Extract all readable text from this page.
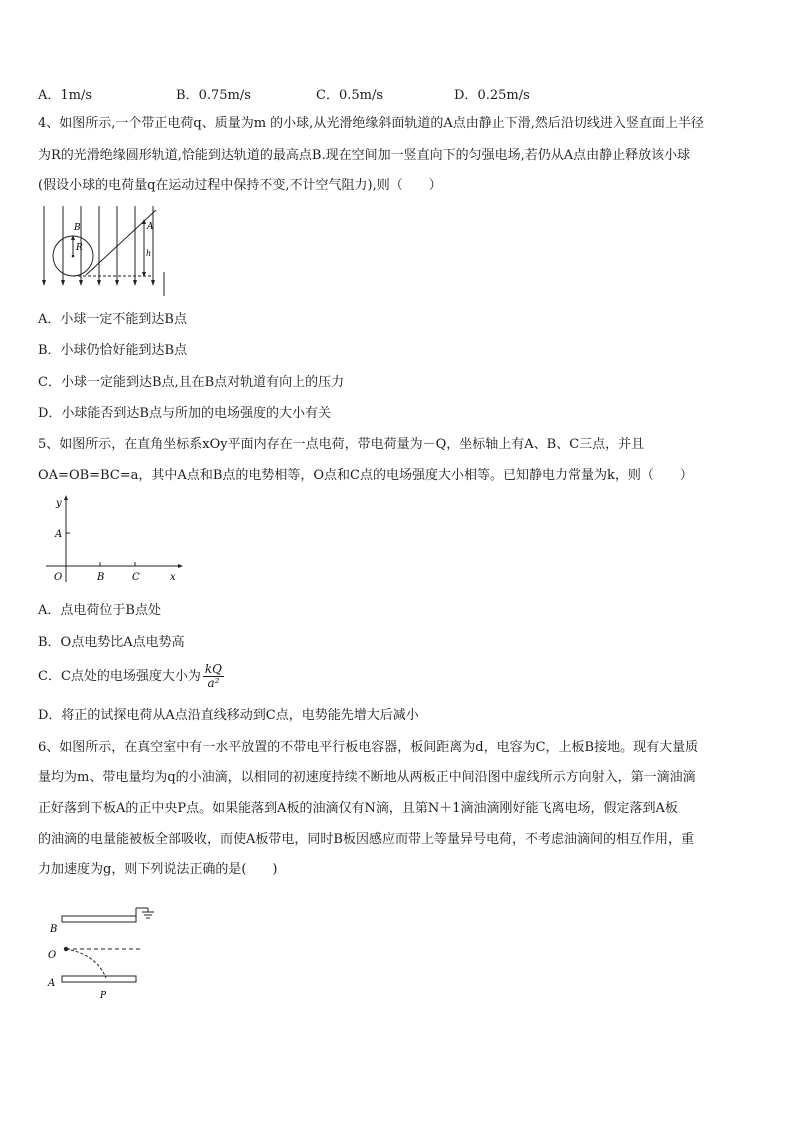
A．1m/s	B．0.75m/s	C．0.5m/s	D．0.25m/s
4、如图所示,一个带正电荷q、质量为m 的小球,从光滑绝缘斜面轨道的A点由静止下滑,然后沿切线进入竖直面上半径
为R的光滑绝缘圆形轨道,恰能到达轨道的最高点B.现在空间加一竖直向下的匀强电场,若仍从A点由静止释放该小球
(假设小球的电荷量q在运动过程中保持不变,不计空气阻力),则（　　）
B
R
A
h
A．小球一定不能到达B点
B．小球仍恰好能到达B点
C．小球一定能到达B点,且在B点对轨道有向上的压力
D．小球能否到达B点与所加的电场强度的大小有关
5、如图所示，在直角坐标系xOy平面内存在一点电荷，带电荷量为－Q，坐标轴上有A、B、C三点，并且
OA=OB=BC=a，其中A点和B点的电势相等，O点和C点的电场强度大小相等。已知静电力常量为k，则（　　）
y
A
O	B	C	x
A．点电荷位于B点处
B．O点电势比A点电势高
C．C点处的电场强度大小为 $\frac{kQ}{\text{a²}}$
D．将正的试探电荷从A点沿直线移动到C点，电势能先增大后减小
6、如图所示，在真空室中有一水平放置的不带电平行板电容器，板间距离为d，电容为C，上板B接地。现有大量质
量均为m、带电量均为q的小油滴，以相同的初速度持续不断地从两板正中间沿图中虚线所示方向射入，第一滴油滴
正好落到下板A的正中央P点。如果能落到A板的油滴仅有N滴，且第N＋1滴油滴刚好能飞离电场，假定落到A板
的油滴的电量能被板全部吸收，而使A板带电，同时B板因感应而带上等量异号电荷，不考虑油滴间的相互作用，重
力加速度为g，则下列说法正确的是(　　)
B
O
A
P
